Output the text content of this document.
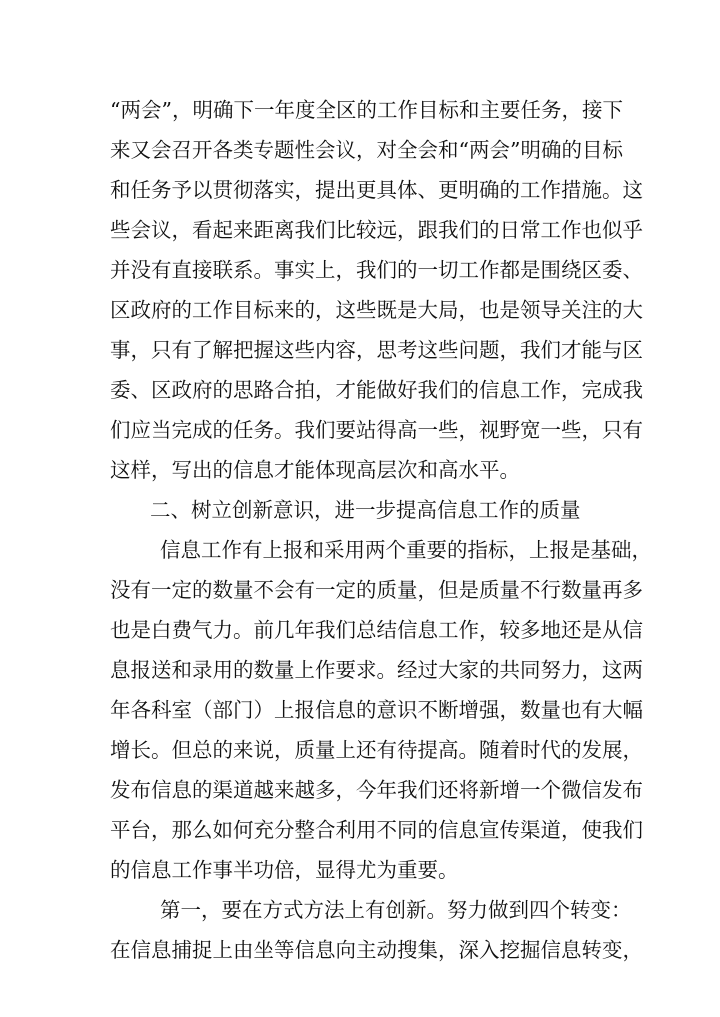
“两会”，明确下一年度全区的工作目标和主要任务，接下
来又会召开各类专题性会议，对全会和“两会”明确的目标
和任务予以贯彻落实，提出更具体、更明确的工作措施。这
些会议，看起来距离我们比较远，跟我们的日常工作也似乎
并没有直接联系。事实上，我们的一切工作都是围绕区委、
区政府的工作目标来的，这些既是大局，也是领导关注的大
事，只有了解把握这些内容，思考这些问题，我们才能与区
委、区政府的思路合拍，才能做好我们的信息工作，完成我
们应当完成的任务。我们要站得高一些，视野宽一些，只有
这样，写出的信息才能体现高层次和高水平。
二、树立创新意识，进一步提高信息工作的质量
信息工作有上报和采用两个重要的指标，上报是基础，
没有一定的数量不会有一定的质量，但是质量不行数量再多
也是白费气力。前几年我们总结信息工作，较多地还是从信
息报送和录用的数量上作要求。经过大家的共同努力，这两
年各科室（部门）上报信息的意识不断增强，数量也有大幅
增长。但总的来说，质量上还有待提高。随着时代的发展，
发布信息的渠道越来越多，今年我们还将新增一个微信发布
平台，那么如何充分整合利用不同的信息宣传渠道，使我们
的信息工作事半功倍，显得尤为重要。
第一，要在方式方法上有创新。努力做到四个转变：
在信息捕捉上由坐等信息向主动搜集，深入挖掘信息转变，
